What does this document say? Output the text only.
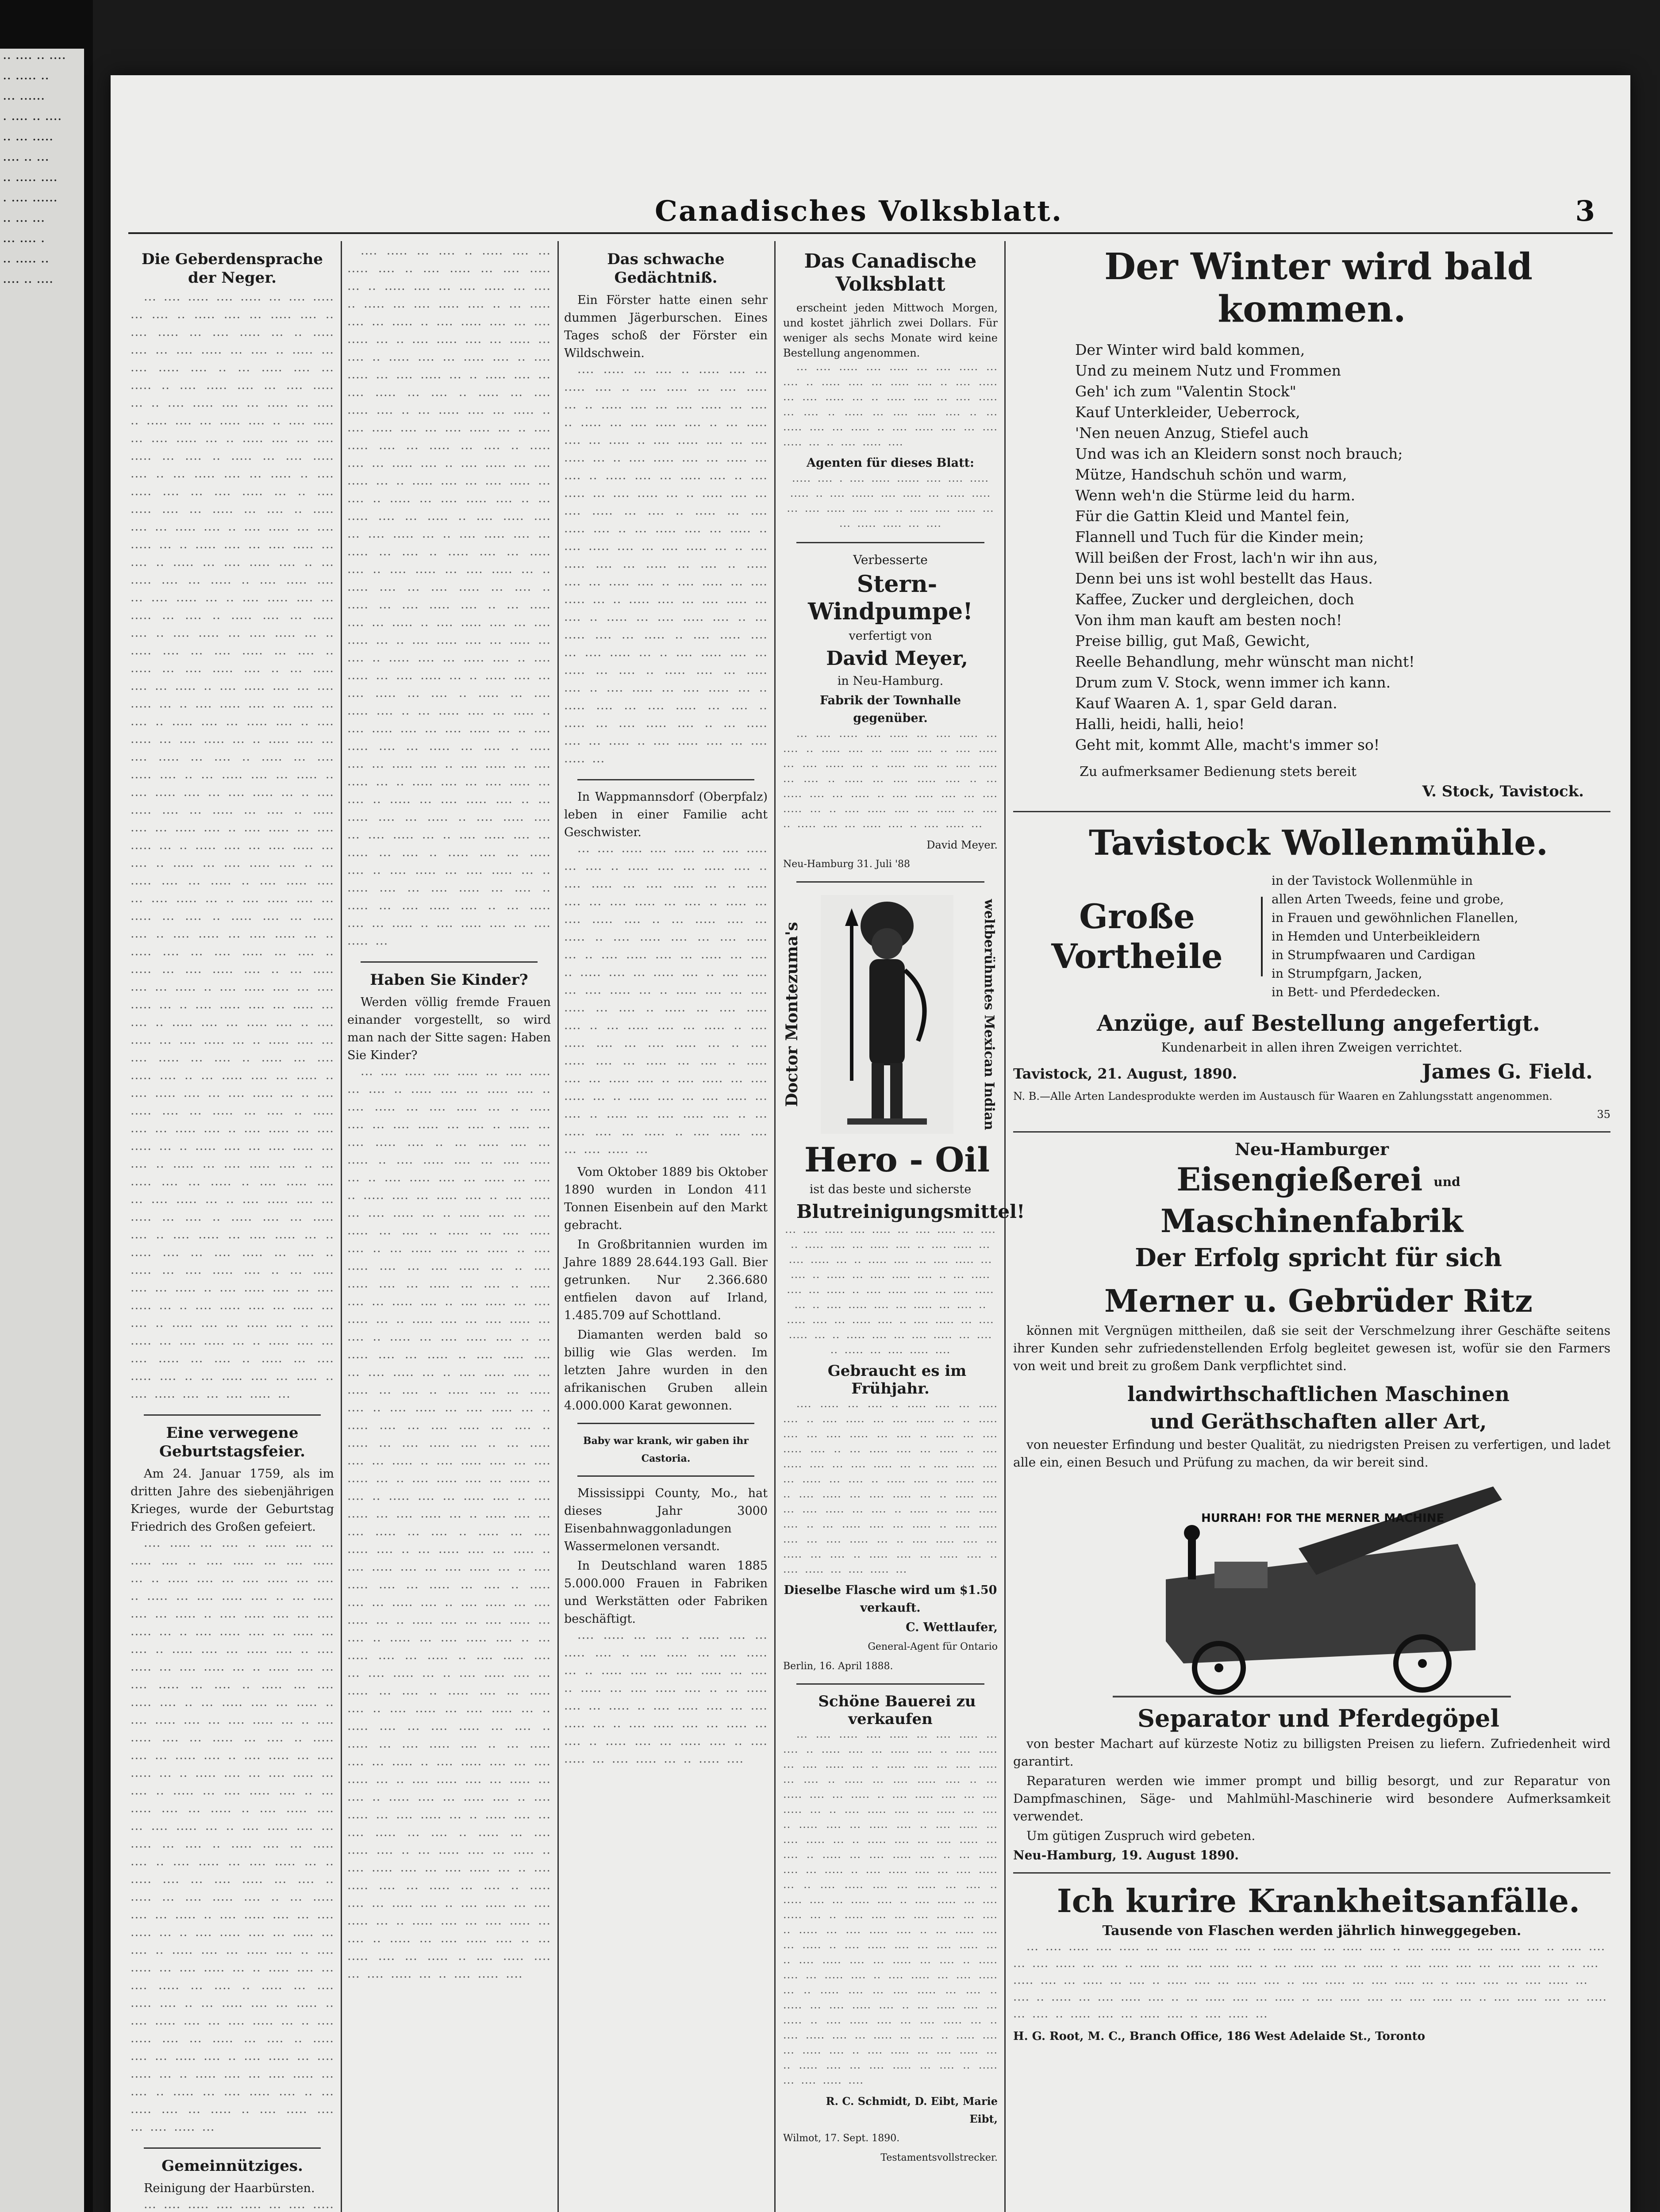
·· ···· ·· ····
·· ····· ··
··· ······
· ···· ·· ····
·· ··· ·····
···· ·· ···
·· ····· ····
· ···· ······
·· ··· ···
··· ···· ·
·· ····· ··
···· ·· ····
Canadisches Volksblatt.	3

Die Geberdensprache der Neger.

··· ···· ····· ···· ····· ··· ···· ····· ··· ···· ·· ····· ···· ··· ····· ···· ·· ···· ····· ··· ···· ····· ··· ·· ····· ···· ··· ···· ····· ··· ···· ·· ····· ··· ···· ····· ···· ·· ··· ····· ···· ··· ····· ·· ···· ····· ···· ··· ···· ····· ··· ·· ···· ····· ···· ··· ····· ··· ···· ·· ····· ···· ··· ····· ···· ·· ···· ····· ··· ···· ····· ··· ·· ····· ···· ··· ···· ····· ··· ···· ·· ····· ··· ···· ····· ···· ·· ··· ····· ···· ··· ····· ·· ···· ····· ···· ··· ···· ····· ··· ·· ···· ····· ···· ··· ····· ··· ···· ·· ····· ···· ··· ····· ···· ·· ···· ····· ··· ···· ····· ··· ·· ····· ···· ··· ···· ····· ··· ···· ·· ····· ··· ···· ····· ···· ·· ··· ····· ···· ··· ····· ·· ···· ····· ···· ··· ···· ····· ··· ·· ···· ····· ···· ··· ····· ··· ···· ·· ····· ···· ··· ····· ···· ·· ···· ····· ··· ···· ····· ··· ·· ····· ···· ··· ···· ····· ··· ···· ·· ····· ··· ···· ····· ···· ·· ··· ····· ···· ··· ····· ·· ···· ····· ···· ··· ···· ····· ··· ·· ···· ····· ···· ··· ····· ··· ···· ·· ····· ···· ··· ····· ···· ·· ···· ····· ··· ···· ····· ··· ·· ····· ···· ··· ···· ····· ··· ···· ·· ····· ··· ···· ····· ···· ·· ··· ····· ···· ··· ····· ·· ···· ····· ···· ··· ···· ····· ··· ·· ···· ····· ···· ··· ····· ··· ···· ·· ····· ···· ··· ····· ···· ·· ···· ····· ··· ···· ····· ··· ·· ····· ···· ··· ···· ····· ··· ···· ·· ····· ··· ···· ····· ···· ·· ··· ····· ···· ··· ····· ·· ···· ····· ···· ··· ···· ····· ··· ·· ···· ····· ···· ··· ····· ··· ···· ·· ····· ···· ··· ····· ···· ·· ···· ····· ··· ···· ····· ··· ·· ····· ···· ··· ···· ····· ··· ···· ·· ····· ··· ···· ····· ···· ·· ··· ····· ···· ··· ····· ·· ···· ····· ···· ··· ···· ····· ··· ·· ···· ····· ···· ··· ····· ··· ···· ·· ····· ···· ··· ····· ···· ·· ···· ····· ··· ···· ····· ··· ·· ····· ···· ··· ···· ····· ··· ···· ·· ····· ··· ···· ····· ···· ·· ··· ····· ···· ··· ····· ·· ···· ····· ···· ··· ···· ····· ··· ·· ···· ····· ···· ··· ····· ··· ···· ·· ····· ···· ··· ····· ···· ·· ···· ····· ··· ···· ····· ··· ·· ····· ···· ··· ···· ····· ··· ···· ·· ····· ··· ···· ····· ···· ·· ··· ····· ···· ··· ····· ·· ···· ····· ···· ··· ···· ····· ··· ·· ···· ····· ···· ··· ····· ··· ···· ·· ····· ···· ··· ····· ···· ·· ···· ····· ··· ···· ····· ··· ·· ····· ···· ··· ···· ····· ··· ···· ·· ····· ··· ···· ····· ···· ·· ··· ····· ···· ··· ····· ·· ···· ····· ···· ··· ···· ····· ··· ·· ···· ····· ···· ··· ····· ··· ···· ·· ····· ···· ··· ····· ···· ·· ···· ····· ··· ···· ····· ··· ·· ····· ···· ··· ···· ····· ··· ···· ·· ····· ··· ···· ····· ···· ·· ··· ····· ···· ··· ····· ·· ···· ····· ···· ··· ···· ····· ···

Eine verwegene Geburtstagsfeier.

Am 24. Januar 1759, als im dritten Jahre des siebenjährigen Krieges, wurde der Geburtstag Friedrich des Großen gefeiert.

···· ····· ··· ···· ·· ····· ···· ··· ····· ···· ·· ···· ····· ··· ···· ····· ··· ·· ····· ···· ··· ···· ····· ··· ···· ·· ····· ··· ···· ····· ···· ·· ··· ····· ···· ··· ····· ·· ···· ····· ···· ··· ···· ····· ··· ·· ···· ····· ···· ··· ····· ··· ···· ·· ····· ···· ··· ····· ···· ·· ···· ····· ··· ···· ····· ··· ·· ····· ···· ··· ···· ····· ··· ···· ·· ····· ··· ···· ····· ···· ·· ··· ····· ···· ··· ····· ·· ···· ····· ···· ··· ···· ····· ··· ·· ···· ····· ···· ··· ····· ··· ···· ·· ····· ···· ··· ····· ···· ·· ···· ····· ··· ···· ····· ··· ·· ····· ···· ··· ···· ····· ··· ···· ·· ····· ··· ···· ····· ···· ·· ··· ····· ···· ··· ····· ·· ···· ····· ···· ··· ···· ····· ··· ·· ···· ····· ···· ··· ····· ··· ···· ·· ····· ···· ··· ····· ···· ·· ···· ····· ··· ···· ····· ··· ·· ····· ···· ··· ···· ····· ··· ···· ·· ····· ··· ···· ····· ···· ·· ··· ····· ···· ··· ····· ·· ···· ····· ···· ··· ···· ····· ··· ·· ···· ····· ···· ··· ····· ··· ···· ·· ····· ···· ··· ····· ···· ·· ···· ····· ··· ···· ····· ··· ·· ····· ···· ··· ···· ····· ··· ···· ·· ····· ··· ···· ····· ···· ·· ··· ····· ···· ··· ····· ·· ···· ····· ···· ··· ···· ····· ··· ·· ···· ····· ···· ··· ····· ··· ···· ·· ····· ···· ··· ····· ···· ·· ···· ····· ··· ···· ····· ··· ·· ····· ···· ··· ···· ····· ··· ···· ·· ····· ··· ···· ····· ···· ·· ··· ····· ···· ··· ····· ·· ···· ····· ···· ··· ···· ····· ···

Gemeinnütziges.

Reinigung der Haarbürsten.

··· ···· ····· ···· ····· ··· ···· ·····

···· ····· ··· ···· ·· ····· ···· ··· ····· ···· ·· ···· ····· ··· ···· ····· ··· ·· ····· ···· ··· ···· ····· ··· ···· ·· ····· ··· ···· ····· ···· ·· ··· ····· ···· ··· ····· ·· ···· ····· ···· ··· ···· ····· ··· ·· ···· ····· ···· ··· ····· ··· ···· ·· ····· ···· ··· ····· ···· ·· ···· ····· ··· ···· ····· ··· ·· ····· ···· ··· ···· ····· ··· ···· ·· ····· ··· ···· ····· ···· ·· ··· ····· ···· ··· ····· ·· ···· ····· ···· ··· ···· ····· ··· ·· ···· ····· ···· ··· ····· ··· ···· ·· ····· ···· ··· ····· ···· ·· ···· ····· ··· ···· ····· ··· ·· ····· ···· ··· ···· ····· ··· ···· ·· ····· ··· ···· ····· ···· ·· ··· ····· ···· ··· ····· ·· ···· ····· ···· ··· ···· ····· ··· ·· ···· ····· ···· ··· ····· ··· ···· ·· ····· ···· ··· ····· ···· ·· ···· ····· ··· ···· ····· ··· ·· ····· ···· ··· ···· ····· ··· ···· ·· ····· ··· ···· ····· ···· ·· ··· ····· ···· ··· ····· ·· ···· ····· ···· ··· ···· ····· ··· ·· ···· ····· ···· ··· ····· ··· ···· ·· ····· ···· ··· ····· ···· ·· ···· ····· ··· ···· ····· ··· ·· ····· ···· ··· ···· ····· ··· ···· ·· ····· ··· ···· ····· ···· ·· ··· ····· ···· ··· ····· ·· ···· ····· ···· ··· ···· ····· ··· ·· ···· ····· ···· ··· ····· ··· ···· ·· ····· ···· ··· ····· ···· ·· ···· ····· ··· ···· ····· ··· ·· ····· ···· ··· ···· ····· ··· ···· ·· ····· ··· ···· ····· ···· ·· ··· ····· ···· ··· ····· ·· ···· ····· ···· ··· ···· ····· ··· ·· ···· ····· ···· ··· ····· ··· ···· ·· ····· ···· ··· ····· ···· ·· ···· ····· ··· ···· ····· ··· ·· ····· ···· ··· ···· ····· ··· ···· ·· ····· ··· ···· ····· ···· ·· ··· ····· ···· ··· ····· ·· ···· ····· ···· ··· ···· ····· ···

Haben Sie Kinder?

Werden völlig fremde Frauen einander vorgestellt, so wird man nach der Sitte sagen: Haben Sie Kinder?

··· ···· ····· ···· ····· ··· ···· ····· ··· ···· ·· ····· ···· ··· ····· ···· ·· ···· ····· ··· ···· ····· ··· ·· ····· ···· ··· ···· ····· ··· ···· ·· ····· ··· ···· ····· ···· ·· ··· ····· ···· ··· ····· ·· ···· ····· ···· ··· ···· ····· ··· ·· ···· ····· ···· ··· ····· ··· ···· ·· ····· ···· ··· ····· ···· ·· ···· ····· ··· ···· ····· ··· ·· ····· ···· ··· ···· ····· ··· ···· ·· ····· ··· ···· ····· ···· ·· ··· ····· ···· ··· ····· ·· ···· ····· ···· ··· ···· ····· ··· ·· ···· ····· ···· ··· ····· ··· ···· ·· ····· ···· ··· ····· ···· ·· ···· ····· ··· ···· ····· ··· ·· ····· ···· ··· ···· ····· ··· ···· ·· ····· ··· ···· ····· ···· ·· ··· ····· ···· ··· ····· ·· ···· ····· ···· ··· ···· ····· ··· ·· ···· ····· ···· ··· ····· ··· ···· ·· ····· ···· ··· ····· ···· ·· ···· ····· ··· ···· ····· ··· ·· ····· ···· ··· ···· ····· ··· ···· ·· ····· ··· ···· ····· ···· ·· ··· ····· ···· ··· ····· ·· ···· ····· ···· ··· ···· ····· ··· ·· ···· ····· ···· ··· ····· ··· ···· ·· ····· ···· ··· ····· ···· ·· ···· ····· ··· ···· ····· ··· ·· ····· ···· ··· ···· ····· ··· ···· ·· ····· ··· ···· ····· ···· ·· ··· ····· ···· ··· ····· ·· ···· ····· ···· ··· ···· ····· ··· ·· ···· ····· ···· ··· ····· ··· ···· ·· ····· ···· ··· ····· ···· ·· ···· ····· ··· ···· ····· ··· ·· ····· ···· ··· ···· ····· ··· ···· ·· ····· ··· ···· ····· ···· ·· ··· ····· ···· ··· ····· ·· ···· ····· ···· ··· ···· ····· ··· ·· ···· ····· ···· ··· ····· ··· ···· ·· ····· ···· ··· ····· ···· ·· ···· ····· ··· ···· ····· ··· ·· ····· ···· ··· ···· ····· ··· ···· ·· ····· ··· ···· ····· ···· ·· ··· ····· ···· ··· ····· ·· ···· ····· ···· ··· ···· ····· ··· ·· ···· ····· ···· ··· ····· ··· ···· ·· ····· ···· ··· ····· ···· ·· ···· ····· ··· ···· ····· ··· ·· ····· ···· ··· ···· ····· ··· ···· ·· ····· ··· ···· ····· ···· ·· ··· ····· ···· ··· ····· ·· ···· ····· ···· ··· ···· ····· ··· ·· ···· ····· ···· ··· ····· ··· ···· ·· ····· ···· ··· ····· ···· ·· ···· ····· ··· ···· ····· ··· ·· ····· ···· ··· ···· ····· ··· ···· ·· ····· ··· ···· ····· ···· ·· ··· ····· ···· ··· ····· ·· ···· ····· ···· ··· ···· ····· ··· ·· ···· ····· ····

Das schwache Gedächtniß.

Ein Förster hatte einen sehr dummen Jägerburschen. Eines Tages schoß der Förster ein Wildschwein.

···· ····· ··· ···· ·· ····· ···· ··· ····· ···· ·· ···· ····· ··· ···· ····· ··· ·· ····· ···· ··· ···· ····· ··· ···· ·· ····· ··· ···· ····· ···· ·· ··· ····· ···· ··· ····· ·· ···· ····· ···· ··· ···· ····· ··· ·· ···· ····· ···· ··· ····· ··· ···· ·· ····· ···· ··· ····· ···· ·· ···· ····· ··· ···· ····· ··· ·· ····· ···· ··· ···· ····· ··· ···· ·· ····· ··· ···· ····· ···· ·· ··· ····· ···· ··· ····· ·· ···· ····· ···· ··· ···· ····· ··· ·· ···· ····· ···· ··· ····· ··· ···· ·· ····· ···· ··· ····· ···· ·· ···· ····· ··· ···· ····· ··· ·· ····· ···· ··· ···· ····· ··· ···· ·· ····· ··· ···· ····· ···· ·· ··· ····· ···· ··· ····· ·· ···· ····· ···· ··· ···· ····· ··· ·· ···· ····· ···· ··· ····· ··· ···· ·· ····· ···· ··· ····· ···· ·· ···· ····· ··· ···· ····· ··· ·· ····· ···· ··· ···· ····· ··· ···· ·· ····· ··· ···· ····· ···· ·· ··· ····· ···· ··· ····· ·· ···· ····· ···· ··· ···· ····· ···

In Wappmannsdorf (Oberpfalz) leben in einer Familie acht Geschwister.

··· ···· ····· ···· ····· ··· ···· ····· ··· ···· ·· ····· ···· ··· ····· ···· ·· ···· ····· ··· ···· ····· ··· ·· ····· ···· ··· ···· ····· ··· ···· ·· ····· ··· ···· ····· ···· ·· ··· ····· ···· ··· ····· ·· ···· ····· ···· ··· ···· ····· ··· ·· ···· ····· ···· ··· ····· ··· ···· ·· ····· ···· ··· ····· ···· ·· ···· ····· ··· ···· ····· ··· ·· ····· ···· ··· ···· ····· ··· ···· ·· ····· ··· ···· ····· ···· ·· ··· ····· ···· ··· ····· ·· ···· ····· ···· ··· ···· ····· ··· ·· ···· ····· ···· ··· ····· ··· ···· ·· ····· ···· ··· ····· ···· ·· ···· ····· ··· ···· ····· ··· ·· ····· ···· ··· ···· ····· ··· ···· ·· ····· ··· ···· ····· ···· ·· ··· ····· ···· ··· ····· ·· ···· ····· ···· ··· ···· ····· ···

Vom Oktober 1889 bis Oktober 1890 wurden in London 411 Tonnen Eisenbein auf den Markt gebracht.

In Großbritannien wurden im Jahre 1889 28.644.193 Gall. Bier getrunken. Nur 2.366.680 entfielen davon auf Irland, 1.485.709 auf Schottland.

Diamanten werden bald so billig wie Glas werden. Im letzten Jahre wurden in den afrikanischen Gruben allein 4.000.000 Karat gewonnen.

Baby war krank, wir gaben ihr Castoria.

Mississippi County, Mo., hat dieses Jahr 3000 Eisenbahnwaggonladungen Wassermelonen versandt.

In Deutschland waren 1885 5.000.000 Frauen in Fabriken und Werkstätten oder Fabriken beschäftigt.

···· ····· ··· ···· ·· ····· ···· ··· ····· ···· ·· ···· ····· ··· ···· ····· ··· ·· ····· ···· ··· ···· ····· ··· ···· ·· ····· ··· ···· ····· ···· ·· ··· ····· ···· ··· ····· ·· ···· ····· ···· ··· ···· ····· ··· ·· ···· ····· ···· ··· ····· ··· ···· ·· ····· ···· ··· ····· ···· ·· ···· ····· ··· ···· ····· ··· ·· ····· ····

Das Canadische Volksblatt

erscheint jeden Mittwoch Morgen, und kostet jährlich zwei Dollars. Für weniger als sechs Monate wird keine Bestellung angenommen.

··· ···· ····· ···· ····· ··· ···· ····· ··· ···· ·· ····· ···· ··· ····· ···· ·· ···· ····· ··· ···· ····· ··· ·· ····· ···· ··· ···· ····· ··· ···· ·· ····· ··· ···· ····· ···· ·· ··· ····· ···· ··· ····· ·· ···· ····· ···· ··· ···· ····· ··· ·· ···· ····· ····

Agenten für dieses Blatt:

····· ···· · ···· ····· ······ ···· ···· ····· ····· ·· ···· ······ ···· ····· ··· ····· ····· ··· ···· ····· ···· ···· ·· ····· ···· ····· ··· ··· ····· ····· ··· ····

Verbesserte

Stern-Windpumpe!

verfertigt von

David Meyer,

in Neu-Hamburg.

Fabrik der Townhalle gegenüber.

··· ···· ····· ···· ····· ··· ···· ····· ··· ···· ·· ····· ···· ··· ····· ···· ·· ···· ····· ··· ···· ····· ··· ·· ····· ···· ··· ···· ····· ··· ···· ·· ····· ··· ···· ····· ···· ·· ··· ····· ···· ··· ····· ·· ···· ····· ···· ··· ···· ····· ··· ·· ···· ····· ···· ··· ····· ··· ···· ·· ····· ···· ··· ····· ···· ·· ···· ····· ···

David Meyer.

Neu-Hamburg 31. Juli '88

Doctor Montezuma's	weltberühmtes Mexican Indian

Hero - Oil

ist das beste und sicherste

Blutreinigungsmittel!

··· ···· ····· ···· ····· ··· ···· ····· ··· ···· ·· ····· ···· ··· ····· ···· ·· ···· ····· ··· ···· ····· ··· ·· ····· ···· ··· ···· ····· ··· ···· ·· ····· ··· ···· ····· ···· ·· ··· ····· ···· ··· ····· ·· ···· ····· ···· ··· ···· ····· ··· ·· ···· ····· ···· ··· ····· ··· ···· ·· ····· ···· ··· ····· ···· ·· ···· ····· ··· ···· ····· ··· ·· ····· ···· ··· ···· ····· ··· ···· ·· ····· ··· ···· ····· ····

Gebraucht es im Frühjahr.

···· ····· ··· ···· ·· ····· ···· ··· ····· ···· ·· ···· ····· ··· ···· ····· ··· ·· ····· ···· ··· ···· ····· ··· ···· ·· ····· ··· ···· ····· ···· ·· ··· ····· ···· ··· ····· ·· ···· ····· ···· ··· ···· ····· ··· ·· ···· ····· ···· ··· ····· ··· ···· ·· ····· ···· ··· ····· ···· ·· ···· ····· ··· ···· ····· ··· ·· ····· ···· ··· ···· ····· ··· ···· ·· ····· ··· ···· ····· ···· ·· ··· ····· ···· ··· ····· ·· ···· ····· ···· ··· ···· ····· ··· ·· ···· ····· ···· ··· ····· ··· ···· ·· ····· ···· ··· ····· ···· ·· ···· ····· ··· ···· ····· ···

Dieselbe Flasche wird um $1.50 verkauft.

C. Wettlaufer,

General-Agent für Ontario

Berlin, 16. April 1888.

Schöne Bauerei zu verkaufen

··· ···· ····· ···· ····· ··· ···· ····· ··· ···· ·· ····· ···· ··· ····· ···· ·· ···· ····· ··· ···· ····· ··· ·· ····· ···· ··· ···· ····· ··· ···· ·· ····· ··· ···· ····· ···· ·· ··· ····· ···· ··· ····· ·· ···· ····· ···· ··· ···· ····· ··· ·· ···· ····· ···· ··· ····· ··· ···· ·· ····· ···· ··· ····· ···· ·· ···· ····· ··· ···· ····· ··· ·· ····· ···· ··· ···· ····· ··· ···· ·· ····· ··· ···· ····· ···· ·· ··· ····· ···· ··· ····· ·· ···· ····· ···· ··· ···· ····· ··· ·· ···· ····· ···· ··· ····· ··· ···· ·· ····· ···· ··· ····· ···· ·· ···· ····· ··· ···· ····· ··· ·· ····· ···· ··· ···· ····· ··· ···· ·· ····· ··· ···· ····· ···· ·· ··· ····· ···· ··· ····· ·· ···· ····· ···· ··· ···· ····· ··· ·· ···· ····· ···· ··· ····· ··· ···· ·· ····· ···· ··· ····· ···· ·· ···· ····· ··· ···· ····· ··· ·· ····· ···· ··· ···· ····· ··· ···· ·· ····· ··· ···· ····· ···· ·· ··· ····· ···· ··· ····· ·· ···· ····· ···· ··· ···· ····· ··· ·· ···· ····· ···· ··· ····· ··· ···· ·· ····· ···· ··· ····· ···· ·· ···· ····· ··· ···· ····· ··· ·· ····· ···· ··· ···· ····· ··· ···· ·· ····· ··· ···· ····· ····

R. C. Schmidt, D. Eibt, Marie Eibt,

Wilmot, 17. Sept. 1890.

Testamentsvollstrecker.

Der Winter wird bald kommen.

Der Winter wird bald kommen,
Und zu meinem Nutz und Frommen
Geh' ich zum "Valentin Stock"
Kauf Unterkleider, Ueberrock,
'Nen neuen Anzug, Stiefel auch
Und was ich an Kleidern sonst noch brauch;
Mütze, Handschuh schön und warm,
Wenn weh'n die Stürme leid du harm.
Für die Gattin Kleid und Mantel fein,
Flannell und Tuch für die Kinder mein;
Will beißen der Frost, lach'n wir ihn aus,
Denn bei uns ist wohl bestellt das Haus.
Kaffee, Zucker und dergleichen, doch
Von ihm man kauft am besten noch!
Preise billig, gut Maß, Gewicht,
Reelle Behandlung, mehr wünscht man nicht!
Drum zum V. Stock, wenn immer ich kann.
Kauf Waaren A. 1, spar Geld daran.
Halli, heidi, halli, heio!
Geht mit, kommt Alle, macht's immer so!

Zu aufmerksamer Bedienung stets bereit

V. Stock, Tavistock.

Tavistock Wollenmühle.

Große Vortheile
in der Tavistock Wollenmühle in
allen Arten Tweeds, feine und grobe,
in Frauen und gewöhnlichen Flanellen,
in Hemden und Unterbeikleidern
in Strumpfwaaren und Cardigan
in Strumpfgarn, Jacken,
in Bett- und Pferdedecken.

Anzüge, auf Bestellung angefertigt.

Kundenarbeit in allen ihren Zweigen verrichtet.

Tavistock, 21. August, 1890.	James G. Field.

N. B.—Alle Arten Landesprodukte werden im Austausch für Waaren en Zahlungsstatt angenommen.

35

Neu-Hamburger

Eisengießerei und Maschinenfabrik

Der Erfolg spricht für sich

Merner u. Gebrüder Ritz

können mit Vergnügen mittheilen, daß sie seit der Verschmelzung ihrer Geschäfte seitens ihrer Kunden sehr zufriedenstellenden Erfolg begleitet gewesen ist, wofür sie den Farmers von weit und breit zu großem Dank verpflichtet sind.

landwirthschaftlichen Maschinen

und Geräthschaften aller Art,

von neuester Erfindung und bester Qualität, zu niedrigsten Preisen zu verfertigen, und ladet alle ein, einen Besuch und Prüfung zu machen, da wir bereit sind.

HURRAH! FOR THE MERNER MACHINE

Separator und Pferdegöpel

von bester Machart auf kürzeste Notiz zu billigsten Preisen zu liefern. Zufriedenheit wird garantirt.

Reparaturen werden wie immer prompt und billig besorgt, und zur Reparatur von Dampfmaschinen, Säge- und Mahlmühl-Maschinerie wird besondere Aufmerksamkeit verwendet.

Um gütigen Zuspruch wird gebeten.

Neu-Hamburg, 19. August 1890.

Ich kurire Krankheitsanfälle.

Tausende von Flaschen werden jährlich hinweggegeben.

··· ···· ····· ···· ····· ··· ···· ····· ··· ···· ·· ····· ···· ··· ····· ···· ·· ···· ····· ··· ···· ····· ··· ·· ····· ···· ··· ···· ····· ··· ···· ·· ····· ··· ···· ····· ···· ·· ··· ····· ···· ··· ····· ·· ···· ····· ···· ··· ···· ····· ··· ·· ···· ····· ···· ··· ····· ··· ···· ·· ····· ···· ··· ····· ···· ·· ···· ····· ··· ···· ····· ··· ·· ····· ···· ··· ···· ····· ··· ···· ·· ····· ··· ···· ····· ···· ·· ··· ····· ···· ··· ····· ·· ···· ····· ···· ··· ···· ····· ··· ·· ···· ····· ···· ··· ····· ··· ···· ·· ····· ···· ··· ····· ···· ·· ···· ····· ···

H. G. Root, M. C., Branch Office, 186 West Adelaide St., Toronto
